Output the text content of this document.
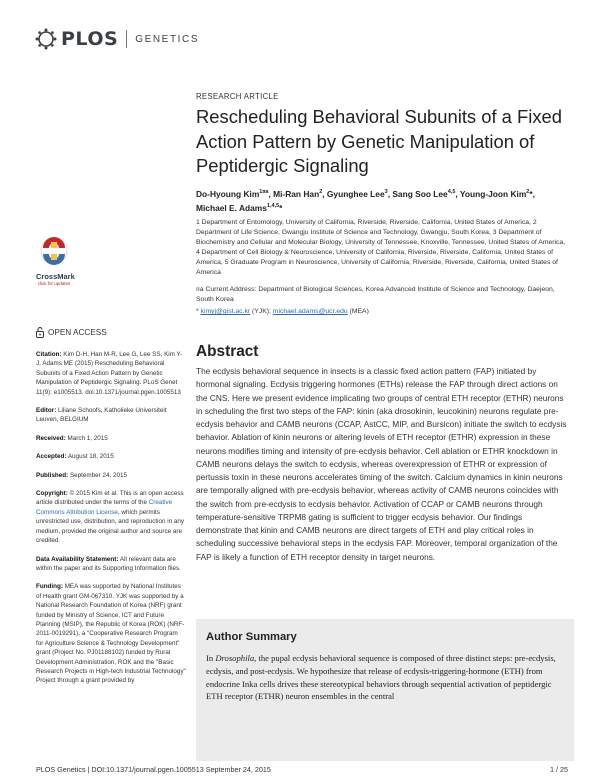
PLOS GENETICS
CrossMark
click for updates
OPEN ACCESS
Citation: Kim D-H, Han M-R, Lee G, Lee SS, Kim Y-J, Adams ME (2015) Rescheduling Behavioral Subunits of a Fixed Action Pattern by Genetic Manipulation of Peptidergic Signaling. PLoS Genet 11(9): e1005513. doi:10.1371/journal.pgen.1005513
Editor: Liliane Schoofs, Katholieke Universiteit Leuven, BELGIUM
Received: March 1, 2015
Accepted: August 18, 2015
Published: September 24, 2015
Copyright: © 2015 Kim et al. This is an open access article distributed under the terms of the Creative Commons Attribution License, which permits unrestricted use, distribution, and reproduction in any medium, provided the original author and source are credited.
Data Availability Statement: All relevant data are within the paper and its Supporting Information files.
Funding: MEA was supported by National Institutes of Health grant GM-067310. YJK was supported by a National Research Foundation of Korea (NRF) grant funded by Ministry of Science, ICT and Future Planning (MSIP), the Republic of Korea (ROK) (NRF-2011-0019291), a "Cooperative Research Program for Agriculture Science & Technology Development" grant (Project No. PJ01188102) funded by Rural Development Administration, ROK and the "Basic Research Projects in High-tech Industrial Technology" Project through a grant provided by
RESEARCH ARTICLE
Rescheduling Behavioral Subunits of a Fixed Action Pattern by Genetic Manipulation of Peptidergic Signaling
Do-Hyoung Kim$^{1¤a}$, Mi-Ran Han$^2$, Gyunghee Lee$^3$, Sang Soo Lee$^{4,5}$, Young-Joon Kim$^2$*,
Michael E. Adams$^{1,4,5}$*
1 Department of Entomology, University of California, Riverside, Riverside, California, United States of America, 2 Department of Life Science, Gwangju Institute of Science and Technology, Gwangju, South Korea, 3 Department of Biochemistry and Cellular and Molecular Biology, University of Tennessee, Knoxville, Tennessee, United States of America, 4 Department of Cell Biology & Neuroscience, University of California, Riverside, Riverside, California, United States of America, 5 Graduate Program in Neuroscience, University of California, Riverside, Riverside, California, United States of America
¤a Current Address: Department of Biological Sciences, Korea Advanced Institute of Science and Technology, Daejeon, South Korea
* kimyj@gist.ac.kr (YJK); michael.adams@ucr.edu (MEA)
Abstract

The ecdysis behavioral sequence in insects is a classic fixed action pattern (FAP) initiated by hormonal signaling. Ecdysis triggering hormones (ETHs) release the FAP through direct actions on the CNS. Here we present evidence implicating two groups of central ETH receptor (ETHR) neurons in scheduling the first two steps of the FAP: kinin (aka drosokinin, leucokinin) neurons regulate pre-ecdysis behavior and CAMB neurons (CCAP, AstCC, MIP, and Bursicon) initiate the switch to ecdysis behavior. Ablation of kinin neurons or altering levels of ETH receptor (ETHR) expression in these neurons modifies timing and intensity of pre-ecdysis behavior. Cell ablation or ETHR knockdown in CAMB neurons delays the switch to ecdysis, whereas overexpression of ETHR or expression of pertussis toxin in these neurons accelerates timing of the switch. Calcium dynamics in kinin neurons are temporally aligned with pre-ecdysis behavior, whereas activity of CAMB neurons coincides with the switch from pre-ecdysis to ecdysis behavior. Activation of CCAP or CAMB neurons through temperature-sensitive TRPM8 gating is sufficient to trigger ecdysis behavior. Our findings demonstrate that kinin and CAMB neurons are direct targets of ETH and play critical roles in scheduling successive behavioral steps in the ecdysis FAP. Moreover, temporal organization of the FAP is likely a function of ETH receptor density in target neurons.

Author Summary

In Drosophila, the pupal ecdysis behavioral sequence is composed of three distinct steps: pre-ecdysis, ecdysis, and post-ecdysis. We hypothesize that release of ecdysis-triggering-hormone (ETH) from endocrine Inka cells drives these stereotypical behaviors through sequential activation of peptidergic ETH receptor (ETHR) neuron ensembles in the central

PLOS Genetics | DOI:10.1371/journal.pgen.1005513 September 24, 2015	1 / 25
